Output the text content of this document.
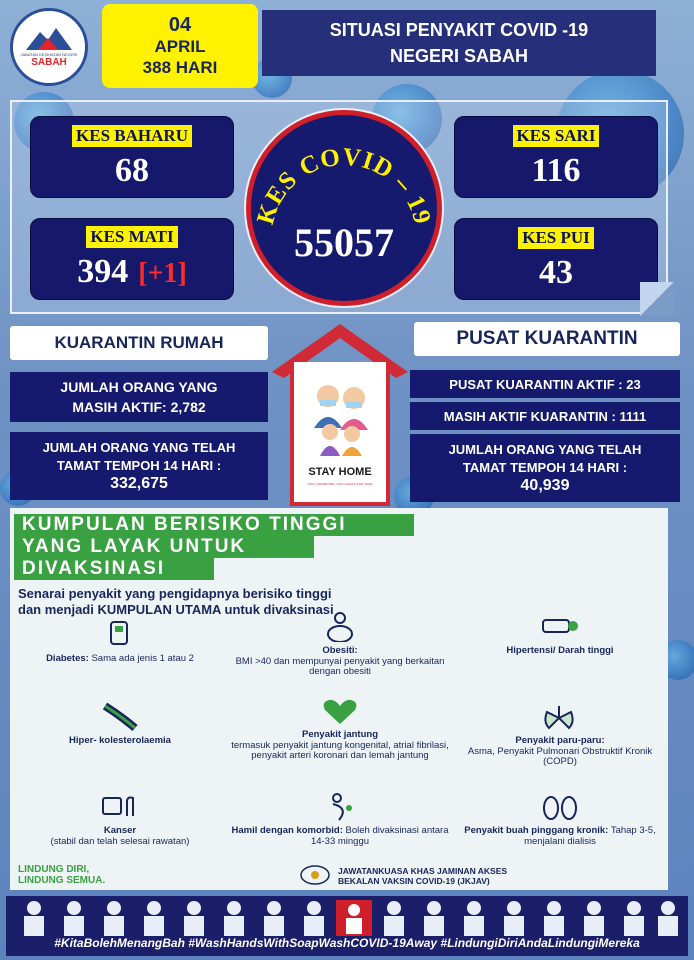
JABATAN KESIHATAN NEGERI
SABAH
04
APRIL
388 HARI
SITUASI PENYAKIT COVID -19
NEGERI SABAH
KES BAHARU
68
KES MATI
394 [+1]
KES SARI
116
KES PUI
43
KES COVID – 19
55057
KUARANTIN RUMAH
JUMLAH ORANG YANG
MASIH AKTIF: 2,782
JUMLAH ORANG YANG TELAH
TAMAT TEMPOH 14 HARI :
332,675
STAY HOME
STAY CONNECTED, STAY CALM & STAY SAFE
PUSAT KUARANTIN
PUSAT KUARANTIN AKTIF : 23
MASIH AKTIF KUARANTIN : 1111
JUMLAH ORANG YANG TELAH
TAMAT TEMPOH 14 HARI :
40,939
KUMPULAN BERISIKO TINGGI
YANG LAYAK UNTUK
DIVAKSINASI
Senarai penyakit yang pengidapnya berisiko tinggi
dan menjadi KUMPULAN UTAMA untuk divaksinasi
Diabetes: Sama ada jenis 1 atau 2
Obesiti:
BMI >40 dan mempunyai penyakit yang berkaitan dengan obesiti
Hipertensi/ Darah tinggi
Hiper- kolesterolaemia
Penyakit jantung
termasuk penyakit jantung kongenital, atrial fibrilasi, penyakit arteri koronari dan lemah jantung
Penyakit paru-paru:
Asma, Penyakit Pulmonari Obstruktif Kronik (COPD)
Kanser
(stabil dan telah selesai rawatan)
Hamil dengan komorbid: Boleh divaksinasi antara 14-33 minggu
Penyakit buah pinggang kronik: Tahap 3-5, menjalani dialisis
LINDUNG DIRI,
LINDUNG SEMUA.
JAWATANKUASA KHAS JAMINAN AKSES
BEKALAN VAKSIN COVID-19 (JKJAV)
#KitaBolehMenangBah #WashHandsWithSoapWashCOVID-19Away #LindungiDiriAndaLindungiMereka
